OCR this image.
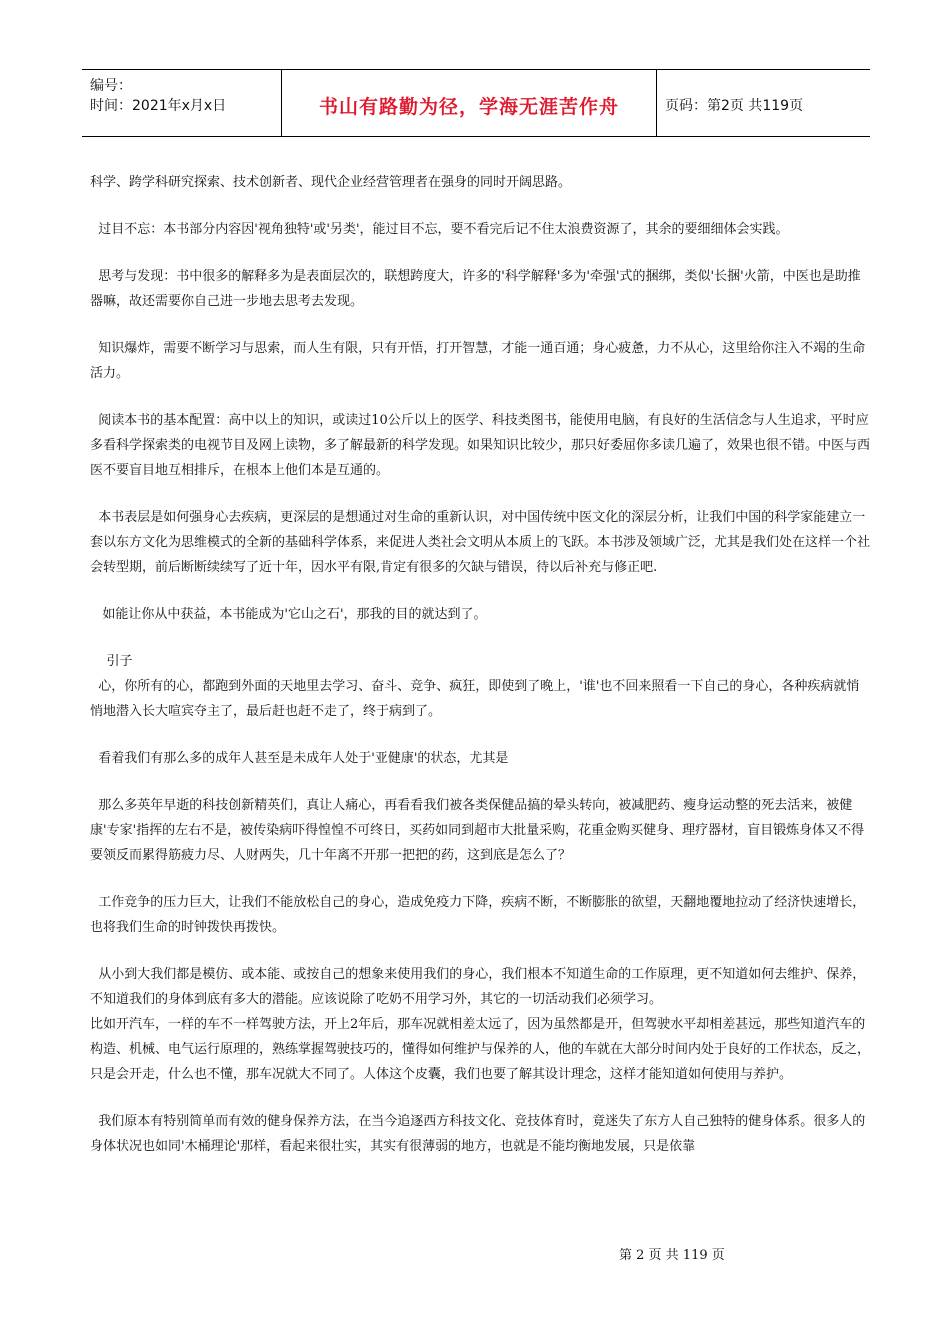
编号：
时间：2021年x月x日	书山有路勤为径，学海无涯苦作舟	页码：第2页 共119页

科学、跨学科研究探索、技术创新者、现代企业经营管理者在强身的同时开阔思路。

过目不忘：本书部分内容因'视角独特'或'另类'，能过目不忘，要不看完后记不住太浪费资源了，其余的要细细体会实践。

思考与发现：书中很多的解释多为是表面层次的，联想跨度大，许多的'科学解释'多为'牵强'式的捆绑，类似'长捆'火箭，中医也是助推器嘛，故还需要你自己进一步地去思考去发现。

知识爆炸，需要不断学习与思索，而人生有限，只有开悟，打开智慧，才能一通百通；身心疲惫，力不从心，这里给你注入不竭的生命活力。

阅读本书的基本配置：高中以上的知识，或读过10公斤以上的医学、科技类图书，能使用电脑，有良好的生活信念与人生追求，平时应多看科学探索类的电视节目及网上读物，多了解最新的科学发现。如果知识比较少，那只好委屈你多读几遍了，效果也很不错。中医与西医不要盲目地互相排斥，在根本上他们本是互通的。

本书表层是如何强身心去疾病，更深层的是想通过对生命的重新认识，对中国传统中医文化的深层分析，让我们中国的科学家能建立一套以东方文化为思维模式的全新的基础科学体系，来促进人类社会文明从本质上的飞跃。本书涉及领域广泛，尤其是我们处在这样一个社会转型期，前后断断续续写了近十年，因水平有限,肯定有很多的欠缺与错误，待以后补充与修正吧.

如能让你从中获益，本书能成为'它山之石'，那我的目的就达到了。

引子

心，你所有的心，都跑到外面的天地里去学习、奋斗、竞争、疯狂，即使到了晚上，'谁'也不回来照看一下自己的身心，各种疾病就悄悄地潜入长大喧宾夺主了，最后赶也赶不走了，终于病到了。

看着我们有那么多的成年人甚至是未成年人处于'亚健康'的状态，尤其是

那么多英年早逝的科技创新精英们，真让人痛心，再看看我们被各类保健品搞的晕头转向，被减肥药、瘦身运动整的死去活来，被健康'专家'指挥的左右不是，被传染病吓得惶惶不可终日，买药如同到超市大批量采购，花重金购买健身、理疗器材，盲目锻炼身体又不得要领反而累得筋疲力尽、人财两失，几十年离不开那一把把的药，这到底是怎么了？

工作竞争的压力巨大，让我们不能放松自己的身心，造成免疫力下降，疾病不断，不断膨胀的欲望，天翻地覆地拉动了经济快速增长，也将我们生命的时钟拨快再拨快。

从小到大我们都是模仿、或本能、或按自己的想象来使用我们的身心，我们根本不知道生命的工作原理，更不知道如何去维护、保养，不知道我们的身体到底有多大的潜能。应该说除了吃奶不用学习外，其它的一切活动我们必须学习。

比如开汽车，一样的车不一样驾驶方法，开上2年后，那车况就相差太远了，因为虽然都是开，但驾驶水平却相差甚远，那些知道汽车的构造、机械、电气运行原理的，熟练掌握驾驶技巧的，懂得如何维护与保养的人，他的车就在大部分时间内处于良好的工作状态，反之，只是会开走，什么也不懂，那车况就大不同了。人体这个皮囊，我们也要了解其设计理念，这样才能知道如何使用与养护。

我们原本有特别简单而有效的健身保养方法，在当今追逐西方科技文化、竞技体育时，竟迷失了东方人自己独特的健身体系。很多人的身体状况也如同'木桶理论'那样，看起来很壮实，其实有很薄弱的地方，也就是不能均衡地发展，只是依靠

第 2 页 共 119 页
